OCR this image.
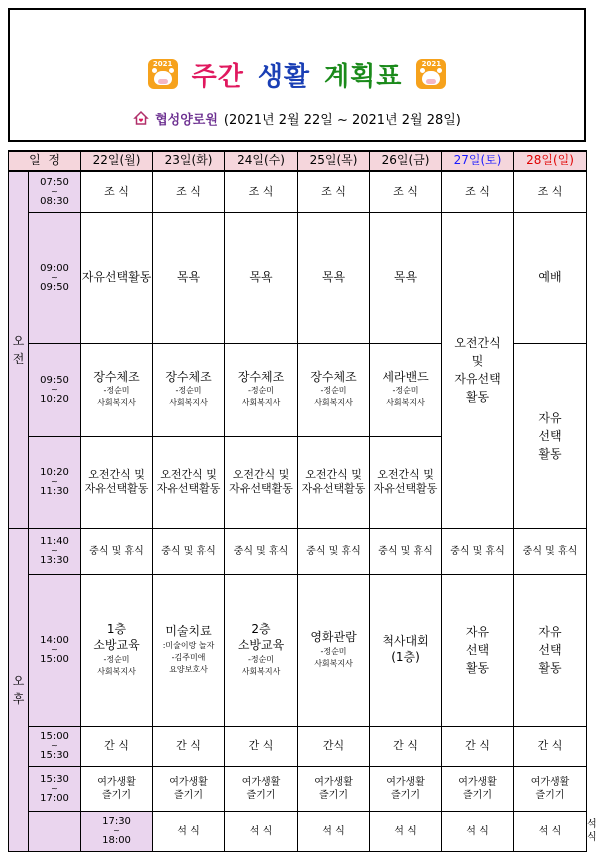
2021 주간 생활 계획표	2021
협성양로원 (2021년 2월 22일 ~ 2021년 2월 28일)
일  정		22일(월)	23일(화)	24일(수)	25일(목)	26일(금)	27일(토)	28일(일)	

오
전	07:50
~
08:30	조 식	조 식	조 식	조 식	조 식	조 식	조 식	

	09:00
~
09:50	자유선택활동	목욕	목욕	목욕	목욕	오전간식
및
자유선택
활동	예배	

	09:50
~
10:20	장수체조
-정순미
사회복지사	장수체조
-정순미
사회복지사	장수체조
-정순미
사회복지사	장수체조
-정순미
사회복지사	세라밴드
-정순미
사회복지사		자유
선택
활동	

	10:20
~
11:30	오전간식 및
자유선택활동	오전간식 및
자유선택활동	오전간식 및
자유선택활동	오전간식 및
자유선택활동	오전간식 및
자유선택활동			

오
후	11:40
~
13:30	중식 및 휴식	중식 및 휴식	중식 및 휴식	중식 및 휴식	중식 및 휴식	중식 및 휴식	중식 및 휴식	

	14:00
~
15:00	1층
소방교육
-정순미
사회복지사	미술치료
:미술이랑 놀자
-김주미애
요양보호사	2층
소방교육
-정순미
사회복지사	영화관람
-정순미
사회복지사	척사대회
(1층)	자유
선택
활동	자유
선택
활동	

	15:00
~
15:30	간 식	간 식	간 식	간식	간 식	간 식	간 식	

	15:30
~
17:00	여가생활
즐기기	여가생활
즐기기	여가생활
즐기기	여가생활
즐기기	여가생활
즐기기	여가생활
즐기기	여가생활
즐기기	

		17:30
~
18:00	석 식	석 식	석 식	석 식	석 식	석 식	석 식
